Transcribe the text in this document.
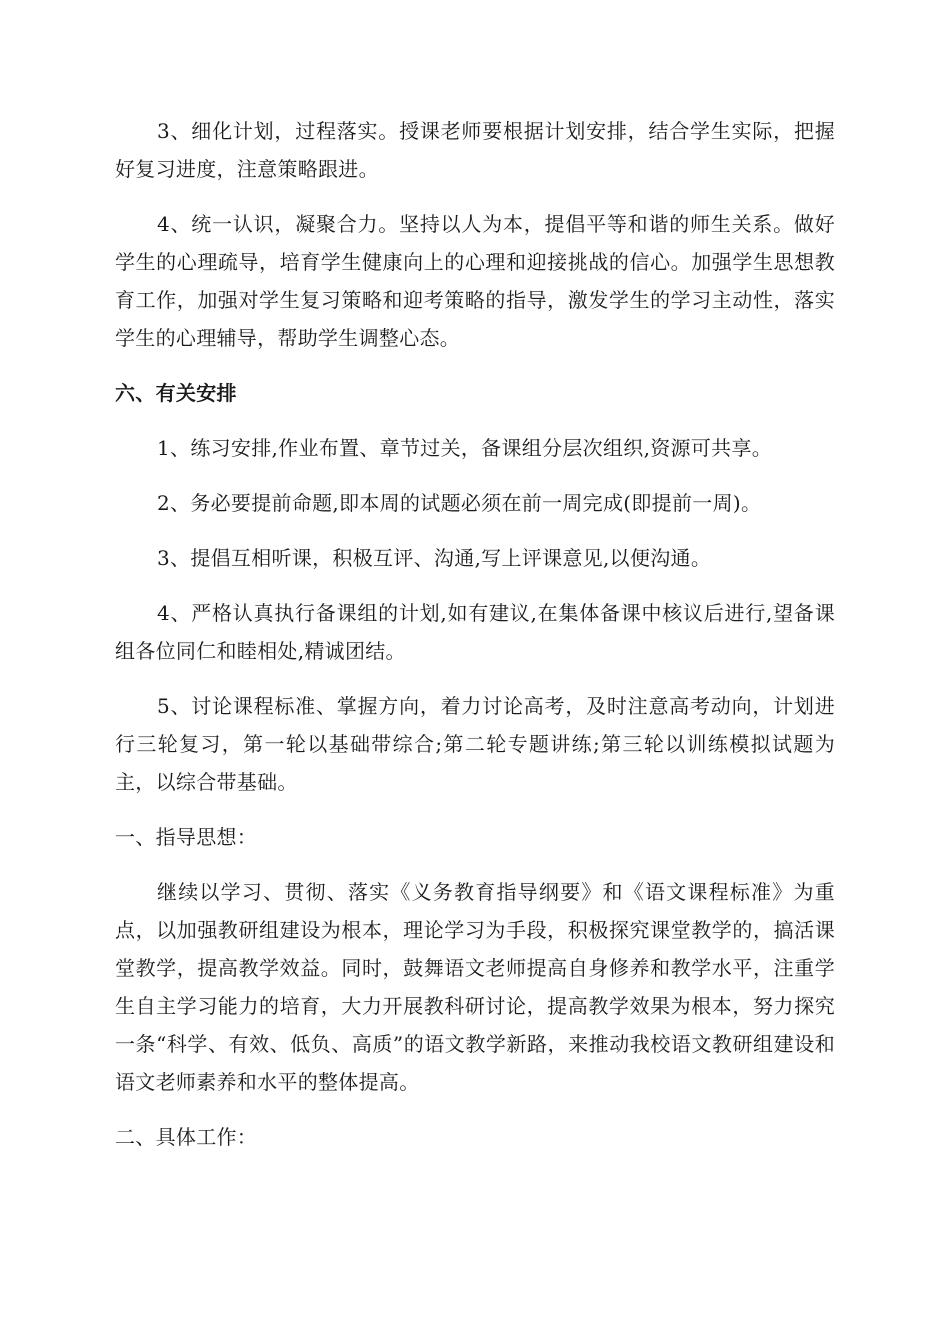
3、细化计划，过程落实。授课老师要根据计划安排，结合学生实际，把握好复习进度，注意策略跟进。

4、统一认识，凝聚合力。坚持以人为本，提倡平等和谐的师生关系。做好学生的心理疏导，培育学生健康向上的心理和迎接挑战的信心。加强学生思想教育工作，加强对学生复习策略和迎考策略的指导，激发学生的学习主动性，落实学生的心理辅导，帮助学生调整心态。

六、有关安排

1、练习安排,作业布置、章节过关，备课组分层次组织,资源可共享。

2、务必要提前命题,即本周的试题必须在前一周完成(即提前一周)。

3、提倡互相听课，积极互评、沟通,写上评课意见,以便沟通。

4、严格认真执行备课组的计划,如有建议,在集体备课中核议后进行,望备课组各位同仁和睦相处,精诚团结。

5、讨论课程标准、掌握方向，着力讨论高考，及时注意高考动向，计划进行三轮复习，第一轮以基础带综合;第二轮专题讲练;第三轮以训练模拟试题为主，以综合带基础。

一、指导思想：

继续以学习、贯彻、落实《义务教育指导纲要》和《语文课程标准》为重点，以加强教研组建设为根本，理论学习为手段，积极探究课堂教学的，搞活课堂教学，提高教学效益。同时，鼓舞语文老师提高自身修养和教学水平，注重学生自主学习能力的培育，大力开展教科研讨论，提高教学效果为根本，努力探究一条“科学、有效、低负、高质”的语文教学新路，来推动我校语文教研组建设和语文老师素养和水平的整体提高。

二、具体工作：
